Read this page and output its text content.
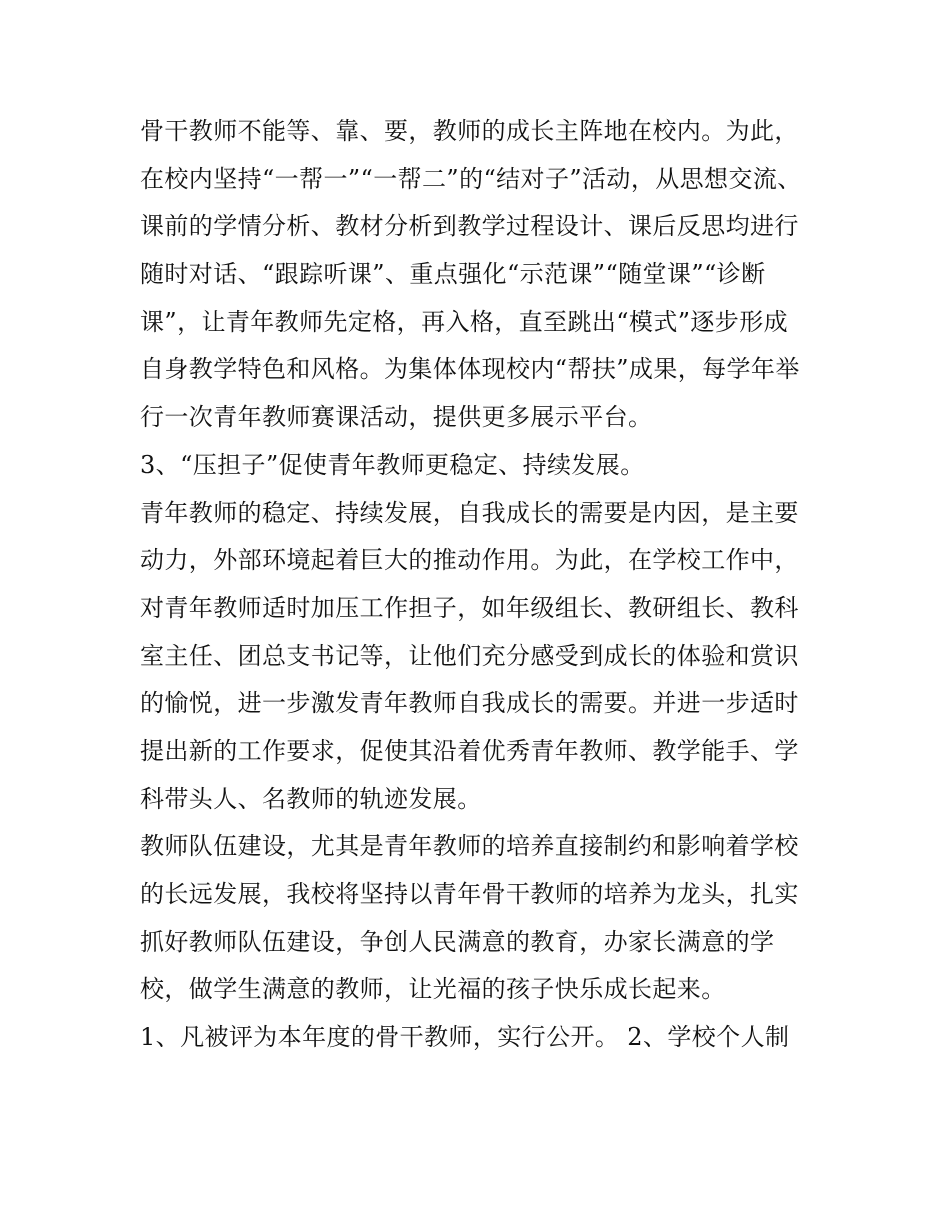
骨干教师不能等、靠、要，教师的成长主阵地在校内。为此，
在校内坚持“一帮一”“一帮二”的“结对子”活动，从思想交流、
课前的学情分析、教材分析到教学过程设计、课后反思均进行
随时对话、“跟踪听课”、重点强化“示范课”“随堂课”“诊断
课”，让青年教师先定格，再入格，直至跳出“模式”逐步形成
自身教学特色和风格。为集体体现校内“帮扶”成果，每学年举
行一次青年教师赛课活动，提供更多展示平台。
3、“压担子”促使青年教师更稳定、持续发展。
青年教师的稳定、持续发展，自我成长的需要是内因，是主要
动力，外部环境起着巨大的推动作用。为此，在学校工作中，
对青年教师适时加压工作担子，如年级组长、教研组长、教科
室主任、团总支书记等，让他们充分感受到成长的体验和赏识
的愉悦，进一步激发青年教师自我成长的需要。并进一步适时
提出新的工作要求，促使其沿着优秀青年教师、教学能手、学
科带头人、名教师的轨迹发展。
教师队伍建设，尤其是青年教师的培养直接制约和影响着学校
的长远发展，我校将坚持以青年骨干教师的培养为龙头，扎实
抓好教师队伍建设，争创人民满意的教育，办家长满意的学
校，做学生满意的教师，让光福的孩子快乐成长起来。
1、凡被评为本年度的骨干教师，实行公开。 2、学校个人制
